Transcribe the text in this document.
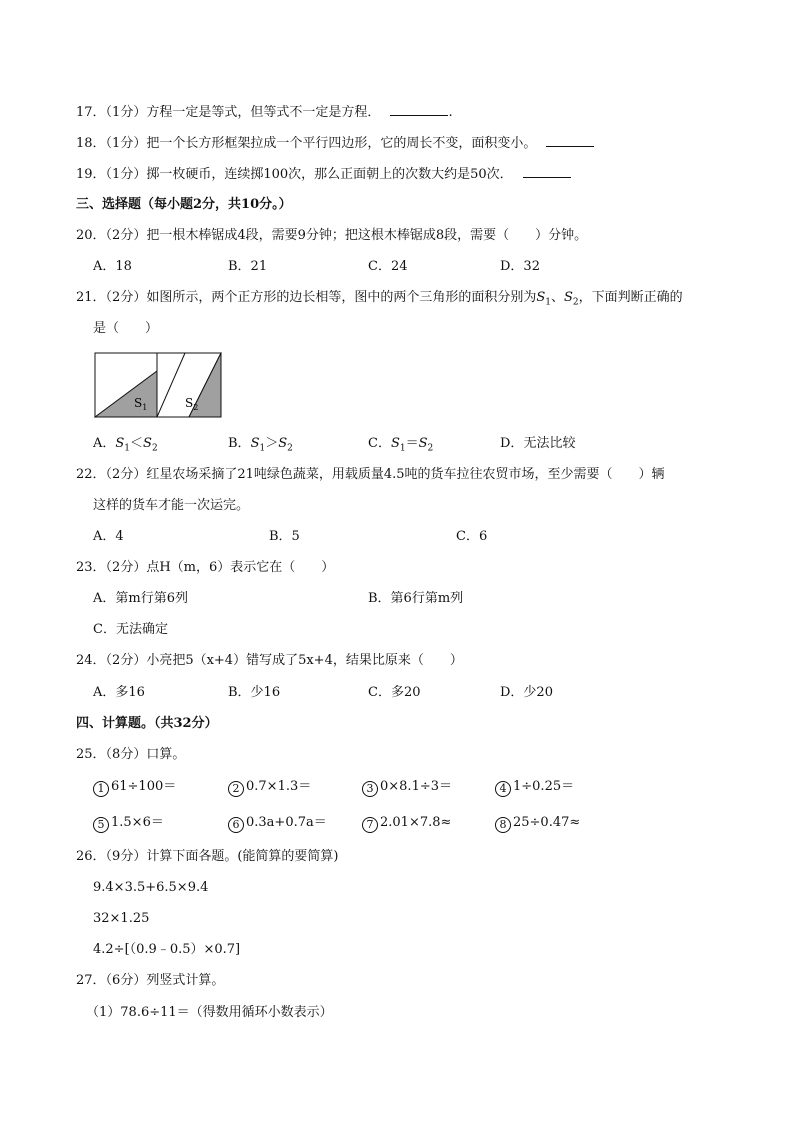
17．（1分）方程一定是等式，但等式不一定是方程．	.
18．（1分）把一个长方形框架拉成一个平行四边形，它的周长不变，面积变小。
19．（1分）掷一枚硬币，连续掷100次，那么正面朝上的次数大约是50次．
三、选择题（每小题2分，共10分。）
20．（2分）把一根木棒锯成4段，需要9分钟；把这根木棒锯成8段，需要（　　）分钟。
A．18	B．21	C．24	D．32
21．（2分）如图所示，两个正方形的边长相等，图中的两个三角形的面积分别为$S_1$、$S_2$，下面判断正确的
是（　　）
$S_1$	$S_2$
A．$S_1<S_2$	B．$S_1>S_2$	C．$S_1=S_2$	D．无法比较
22．（2分）红星农场采摘了21吨绿色蔬菜，用载质量4.5吨的货车拉往农贸市场，至少需要（　　）辆
这样的货车才能一次运完。
A．4	B．5	C．6
23．（2分）点H（m，6）表示它在（　　）
A．第m行第6列	B．第6行第m列
C．无法确定
24．（2分）小亮把5（x+4）错写成了5x+4，结果比原来（　　）
A．多16	B．少16	C．多20	D．少20
四、计算题。（共32分）
25．（8分）口算。
1 61÷100＝	2 0.7×1.3＝	3 0×8.1÷3＝	4 1÷0.25＝
5 1.5×6＝	6 0.3a+0.7a＝	7 2.01×7.8≈	8 25÷0.47≈
26．（9分）计算下面各题。(能简算的要简算)
9.4×3.5+6.5×9.4
32×1.25
4.2÷[（0.9﹣0.5）×0.7]
27．（6分）列竖式计算。
（1）78.6÷11＝（得数用循环小数表示）
